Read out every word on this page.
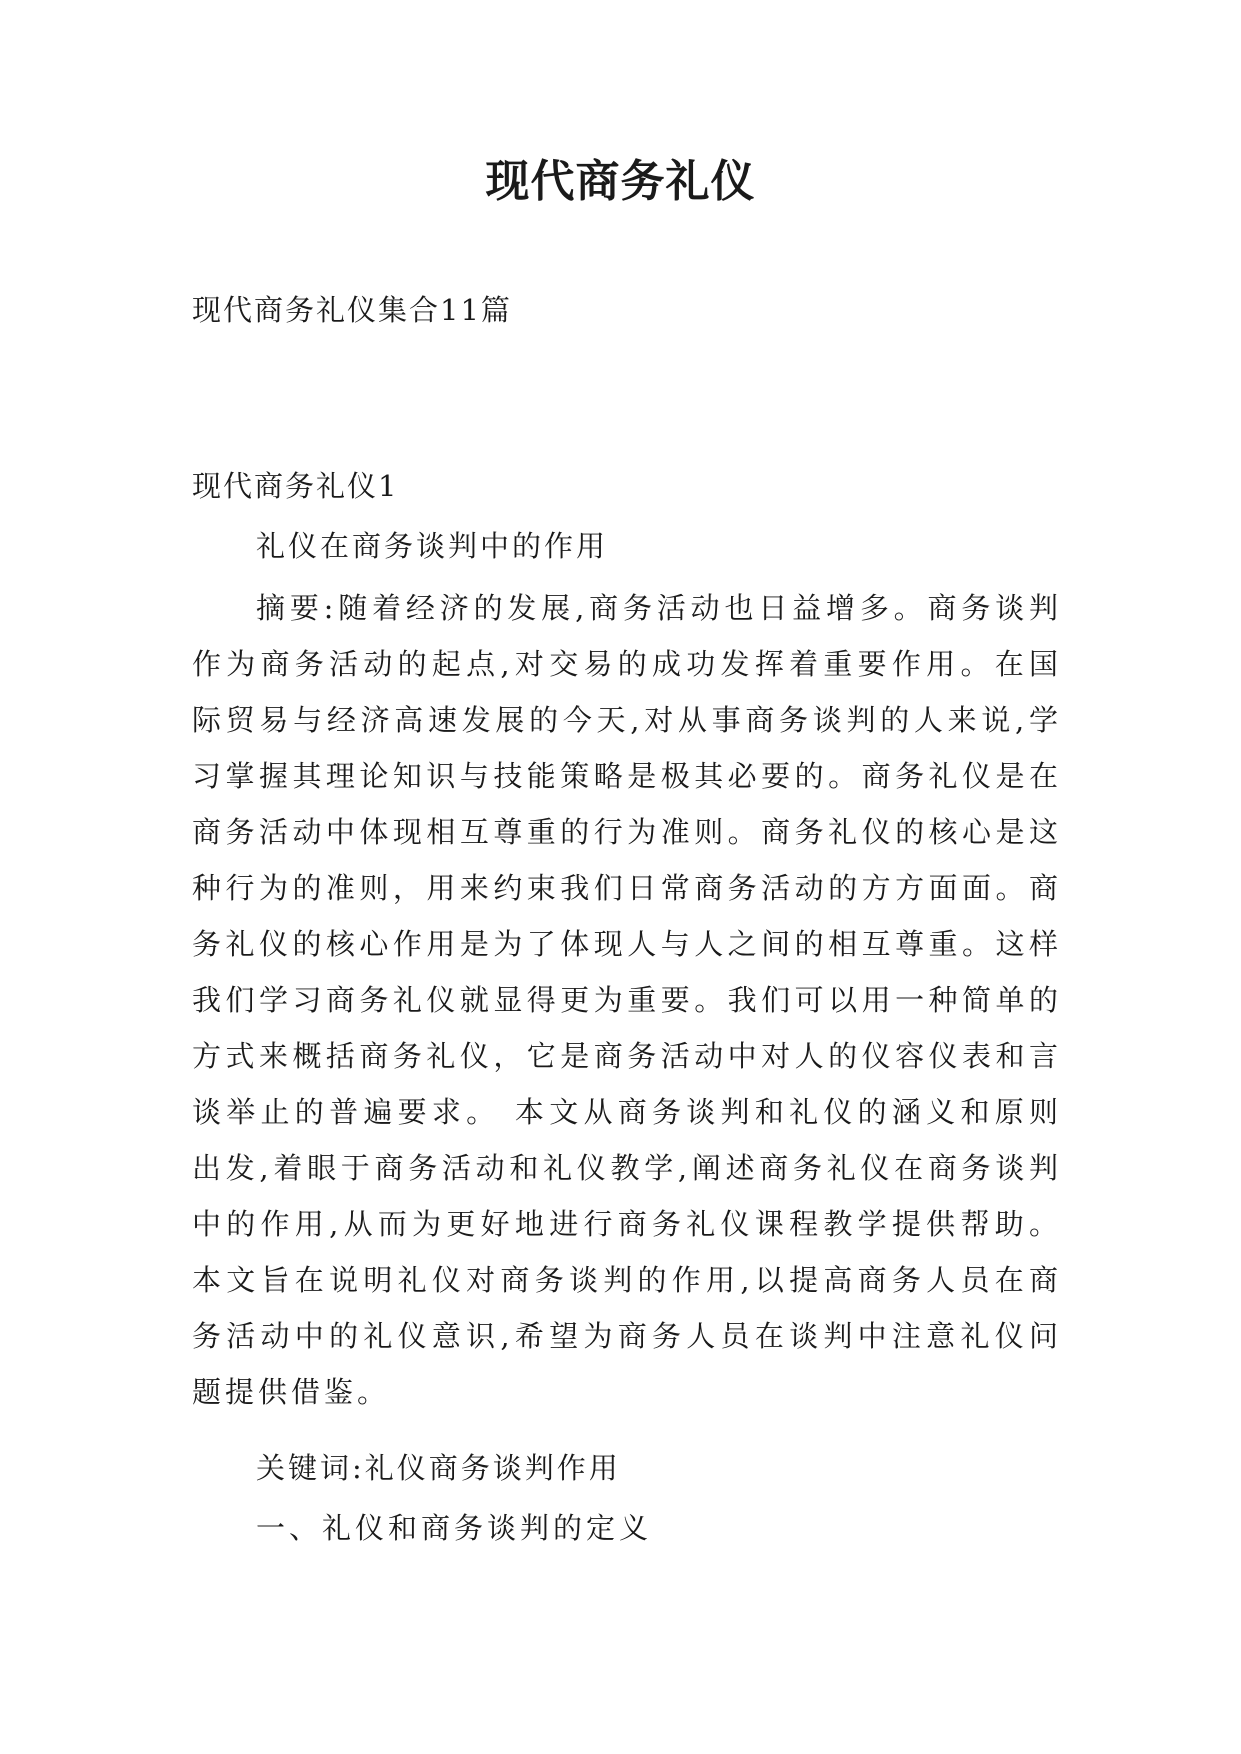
现代商务礼仪

现代商务礼仪集合11篇

现代商务礼仪1

礼仪在商务谈判中的作用

摘要:随着经济的发展,商务活动也日益增多。商务谈判作为商务活动的起点,对交易的成功发挥着重要作用。在国际贸易与经济高速发展的今天,对从事商务谈判的人来说,学习掌握其理论知识与技能策略是极其必要的。商务礼仪是在商务活动中体现相互尊重的行为准则。商务礼仪的核心是这种行为的准则，用来约束我们日常商务活动的方方面面。商务礼仪的核心作用是为了体现人与人之间的相互尊重。这样我们学习商务礼仪就显得更为重要。我们可以用一种简单的方式来概括商务礼仪，它是商务活动中对人的仪容仪表和言谈举止的普遍要求。 本文从商务谈判和礼仪的涵义和原则出发,着眼于商务活动和礼仪教学,阐述商务礼仪在商务谈判中的作用,从而为更好地进行商务礼仪课程教学提供帮助。本文旨在说明礼仪对商务谈判的作用,以提高商务人员在商务活动中的礼仪意识,希望为商务人员在谈判中注意礼仪问题提供借鉴。

关键词:礼仪商务谈判作用

一、礼仪和商务谈判的定义
